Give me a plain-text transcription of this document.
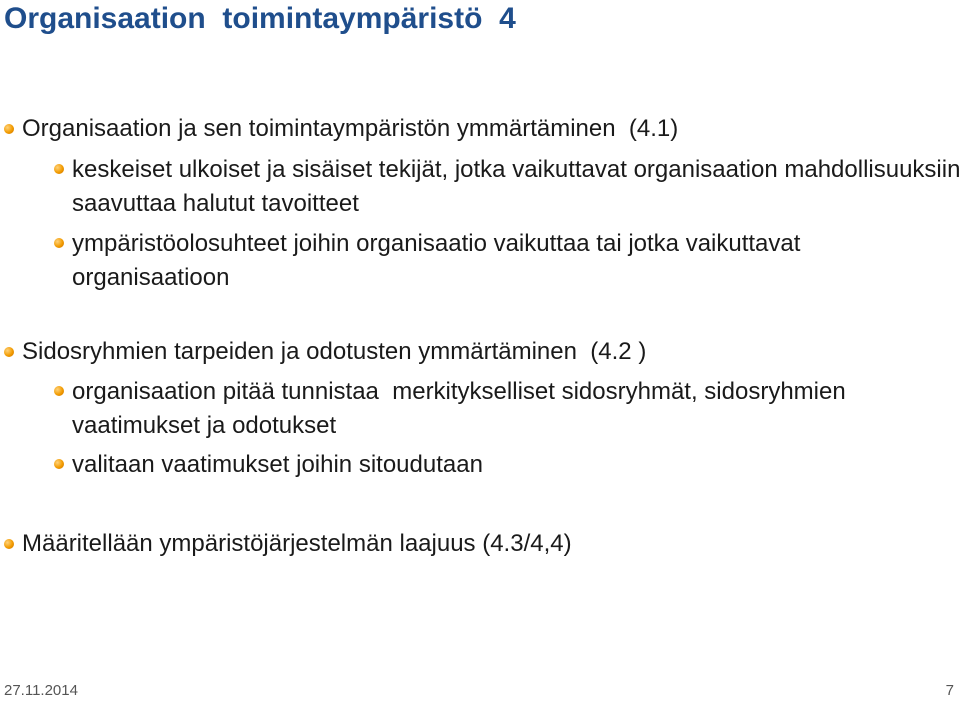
Organisaation  toimintaympäristö  4
Organisaation ja sen toimintaympäristön ymmärtäminen  (4.1)
keskeiset ulkoiset ja sisäiset tekijät, jotka vaikuttavat organisaation mahdollisuuksiin saavuttaa halutut tavoitteet
ympäristöolosuhteet joihin organisaatio vaikuttaa tai jotka vaikuttavat organisaatioon
Sidosryhmien tarpeiden ja odotusten ymmärtäminen  (4.2 )
organisaation pitää tunnistaa  merkitykselliset sidosryhmät, sidosryhmien vaatimukset ja odotukset
valitaan vaatimukset joihin sitoudutaan
Määritellään ympäristöjärjestelmän laajuus (4.3/4,4)
27.11.2014	7
